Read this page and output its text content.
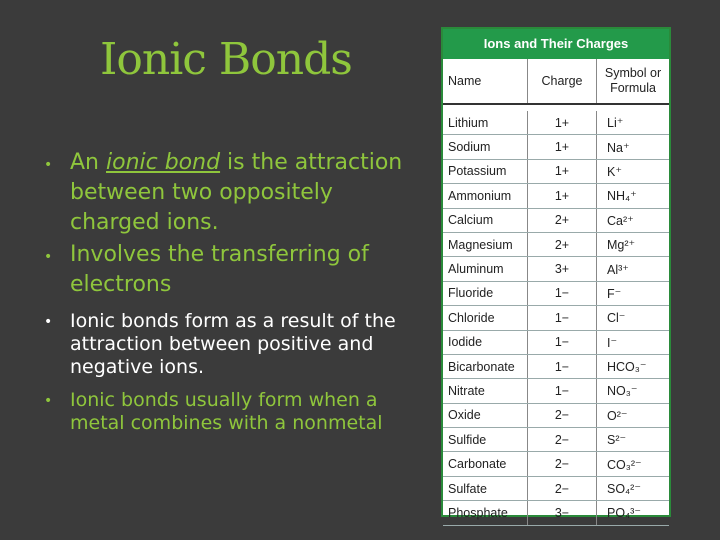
Ionic Bonds

• An ionic bond is the attraction between two oppositely charged ions.

• Involves the transferring of electrons

• Ionic bonds form as a result of the attraction between positive and negative ions.

• Ionic bonds usually form when a metal combines with a nonmetal

Ions and Their Charges
Name	Charge
Symbol or
Formula
Lithium	1+	Li⁺
Sodium	1+	Na⁺
Potassium	1+	K⁺
Ammonium	1+	NH₄⁺
Calcium	2+	Ca²⁺
Magnesium	2+	Mg²⁺
Aluminum	3+	Al³⁺
Fluoride	1−	F⁻
Chloride	1−	Cl⁻
Iodide	1−	I⁻
Bicarbonate	1−	HCO₃⁻
Nitrate	1−	NO₃⁻
Oxide	2−	O²⁻
Sulfide	2−	S²⁻
Carbonate	2−	CO₃²⁻
Sulfate	2−	SO₄²⁻
Phosphate	3−	PO₄³⁻
